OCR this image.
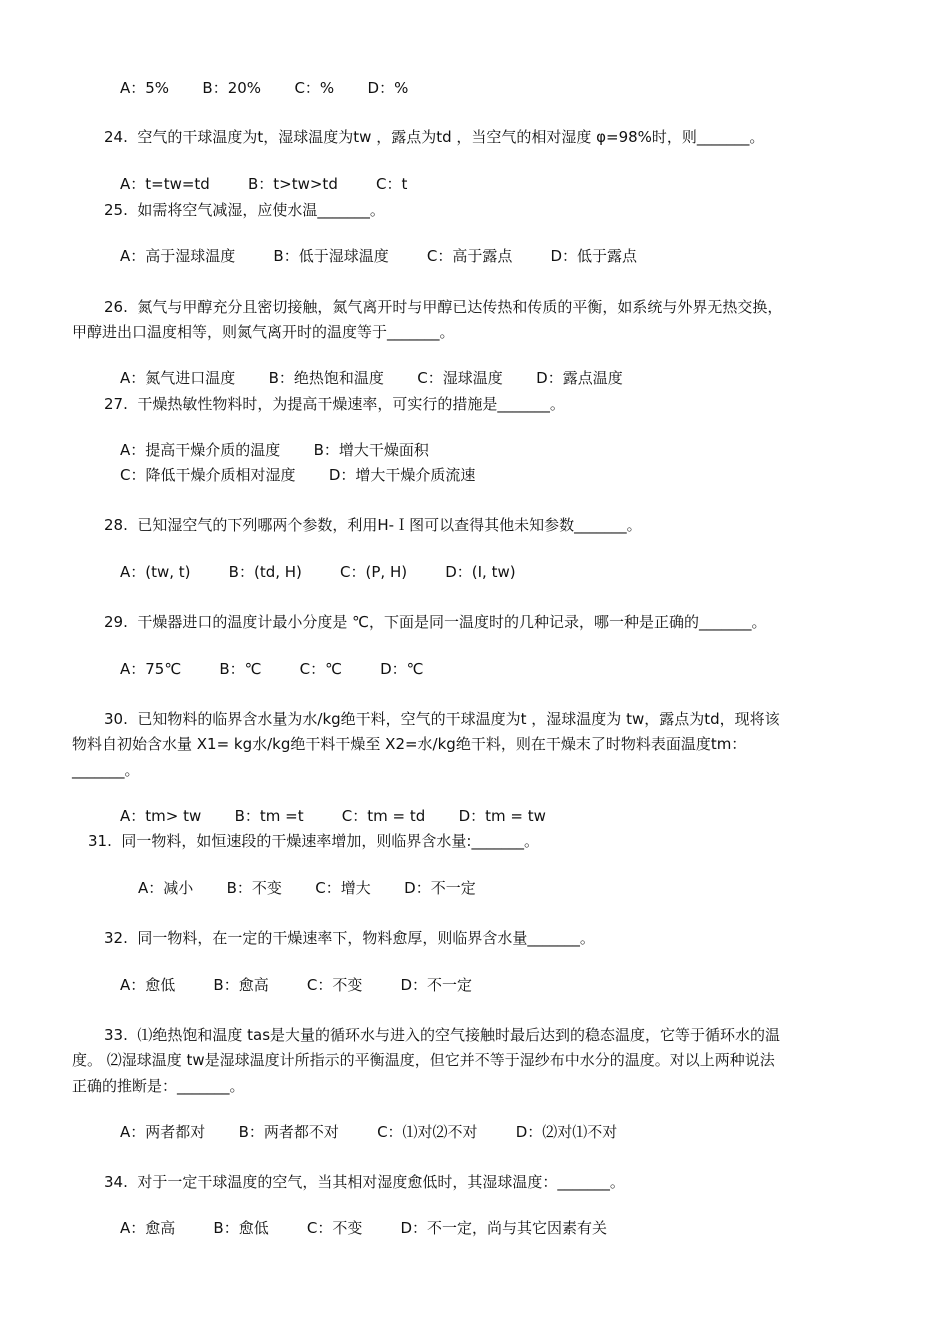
A：5%       B：20%       C：%       D：%
24.  空气的干球温度为t，湿球温度为tw ，露点为td ，当空气的相对湿度 φ=98%时，则_______。
A：t=tw=td        B：t>tw>td        C：t
25.  如需将空气减湿，应使水温_______。
A：高于湿球温度        B：低于湿球温度        C：高于露点        D：低于露点
26.  氮气与甲醇充分且密切接触，氮气离开时与甲醇已达传热和传质的平衡，如系统与外界无热交换，
甲醇进出口温度相等，则氮气离开时的温度等于_______。
A：氮气进口温度       B：绝热饱和温度       C：湿球温度       D：露点温度
27.  干燥热敏性物料时，为提高干燥速率，可实行的措施是_______。
A：提高干燥介质的温度       B：增大干燥面积
C：降低干燥介质相对湿度       D：增大干燥介质流速
28.  已知湿空气的下列哪两个参数，利用H-Ｉ图可以查得其他未知参数_______。
A：(tw, t)        B：(td, H)        C：(P, H)        D：(I, tw)
29.  干燥器进口的温度计最小分度是 ℃，下面是同一温度时的几种记录，哪一种是正确的_______。
A：75℃        B：℃        C：℃        D：℃
30.  已知物料的临界含水量为水/kg绝干料，空气的干球温度为t ，湿球温度为 tw，露点为td，现将该
物料自初始含水量 X1= kg水/kg绝干料干燥至 X2=水/kg绝干料，则在干燥末了时物料表面温度tm：
_______。
A：tm> tw       B：tm =t        C：tm = td       D：tm = tw
31.  同一物料，如恒速段的干燥速率增加，则临界含水量:_______。
A：减小       B：不变       C：增大       D：不一定
32.  同一物料，在一定的干燥速率下，物料愈厚，则临界含水量_______。
A：愈低        B：愈高        C：不变        D：不一定
33.  ⑴绝热饱和温度 tas是大量的循环水与进入的空气接触时最后达到的稳态温度，它等于循环水的温
度。 ⑵湿球温度 tw是湿球温度计所指示的平衡温度，但它并不等于湿纱布中水分的温度。对以上两种说法
正确的推断是：_______。
A：两者都对       B：两者都不对        C：⑴对⑵不对        D：⑵对⑴不对
34.  对于一定干球温度的空气，当其相对湿度愈低时，其湿球温度：_______。
A：愈高        B：愈低        C：不变        D：不一定，尚与其它因素有关
